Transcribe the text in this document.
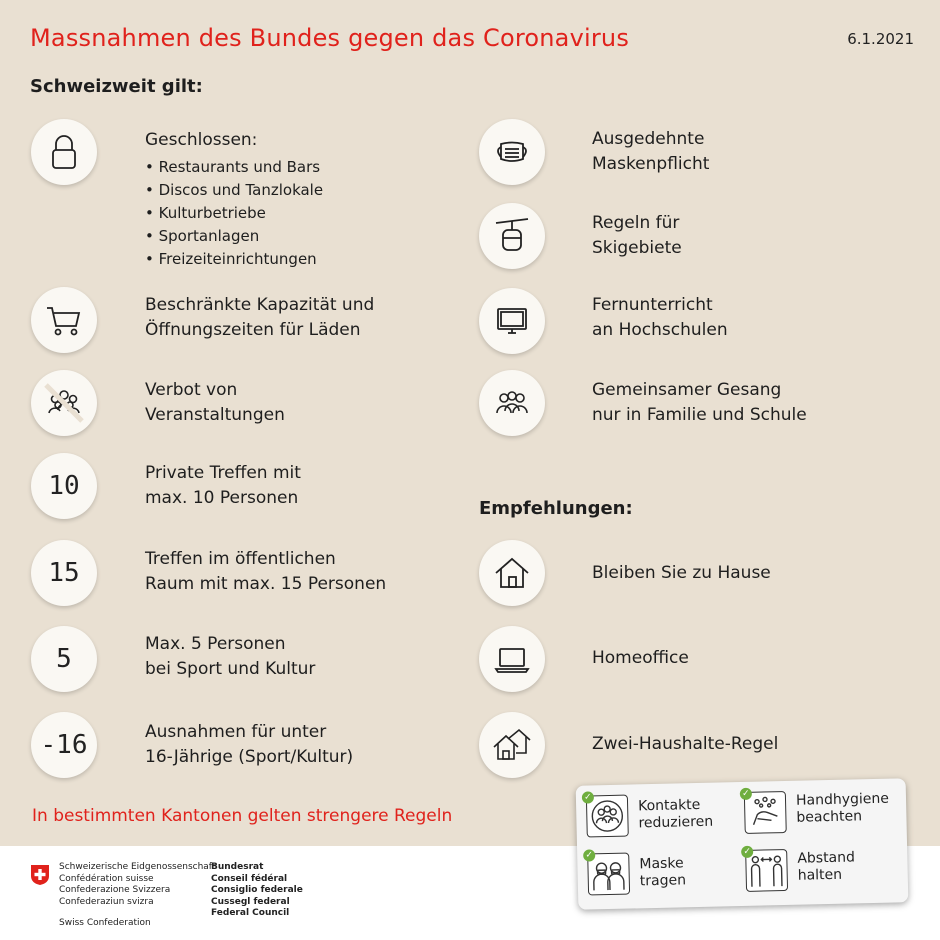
Massnahmen des Bundes gegen das Coronavirus	6.1.2021
Schweizweit gilt:
Geschlossen:
• Restaurants und Bars
• Discos und Tanzlokale
• Kulturbetriebe
• Sportanlagen
• Freizeiteinrichtungen
Beschränkte Kapazität und
Öffnungszeiten für Läden
Verbot von
Veranstaltungen
10	Private Treffen mit
max. 10 Personen
15	Treffen im öffentlichen
Raum mit max. 15 Personen
5	Max. 5 Personen
bei Sport und Kultur
-16	Ausnahmen für unter
16-Jährige (Sport/Kultur)
Ausgedehnte
Maskenpflicht
Regeln für
Skigebiete
Fernunterricht
an Hochschulen
Gemeinsamer Gesang
nur in Familie und Schule
Empfehlungen:
Bleiben Sie zu Hause
Homeoffice
Zwei-Haushalte-Regel
In bestimmten Kantonen gelten strengere Regeln
Schweizerische Eidgenossenschaft
Confédération suisse
Confederazione Svizzera
Confederaziun svizra
Swiss Confederation
Bundesrat
Conseil fédéral
Consiglio federale
Cussegl federal
Federal Council
✓	Kontakte
reduzieren
✓	Handhygiene
beachten
✓	Maske
tragen
✓	Abstand
halten
